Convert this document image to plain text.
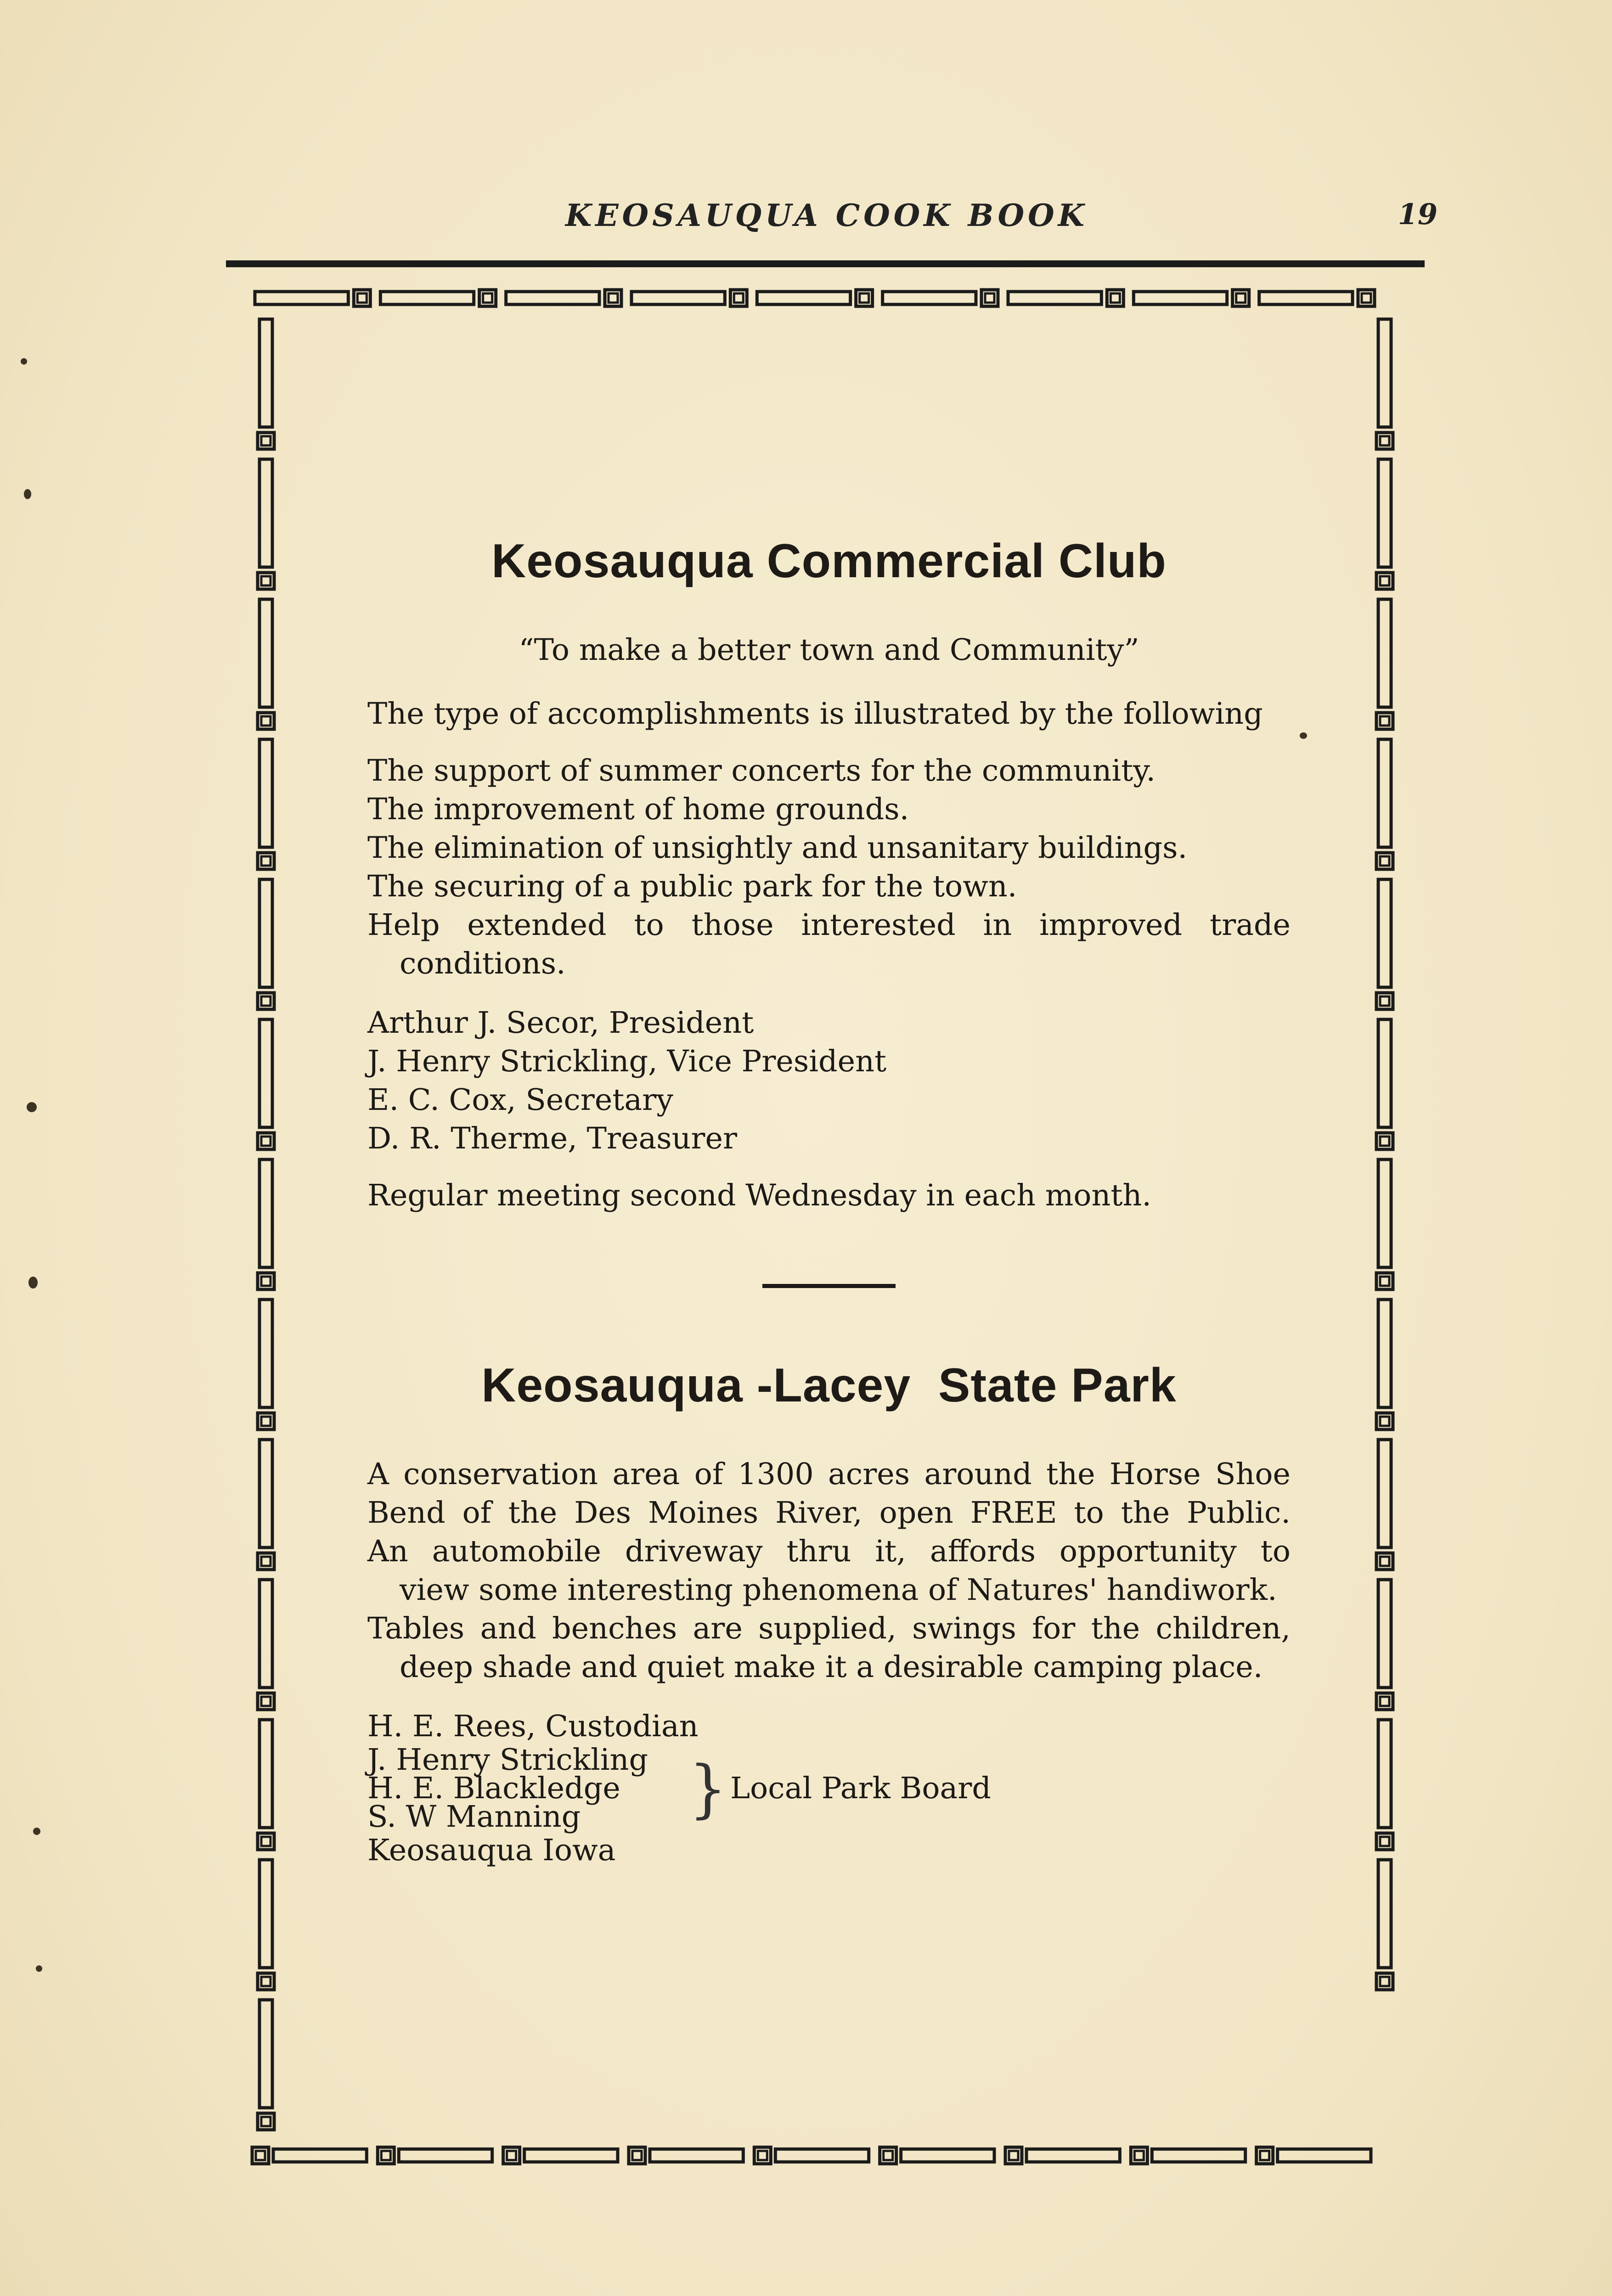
KEOSAUQUA COOK BOOK	19
Keosauqua Commercial Club
“To make a better town and Community”
The type of accomplishments is illustrated by the following
The support of summer concerts for the community.
The improvement of home grounds.
The elimination of unsightly and unsanitary buildings.
The securing of a public park for the town.
Help extended to those interested in improved trade
conditions.
Arthur J. Secor, President
J. Henry Strickling, Vice President
E. C. Cox, Secretary
D. R. Therme, Treasurer
Regular meeting second Wednesday in each month.
Keosauqua -Lacey  State Park
A conservation area of 1300 acres around the Horse Shoe
Bend of the Des Moines River, open FREE to the Public.
An automobile driveway thru it, affords opportunity to
view some interesting phenomena of Natures' handiwork.
Tables and benches are supplied, swings for the children,
deep shade and quiet make it a desirable camping place.
H. E. Rees, Custodian
J. Henry Strickling
H. E. Blackledge
S. W Manning	} Local Park Board
Keosauqua Iowa
